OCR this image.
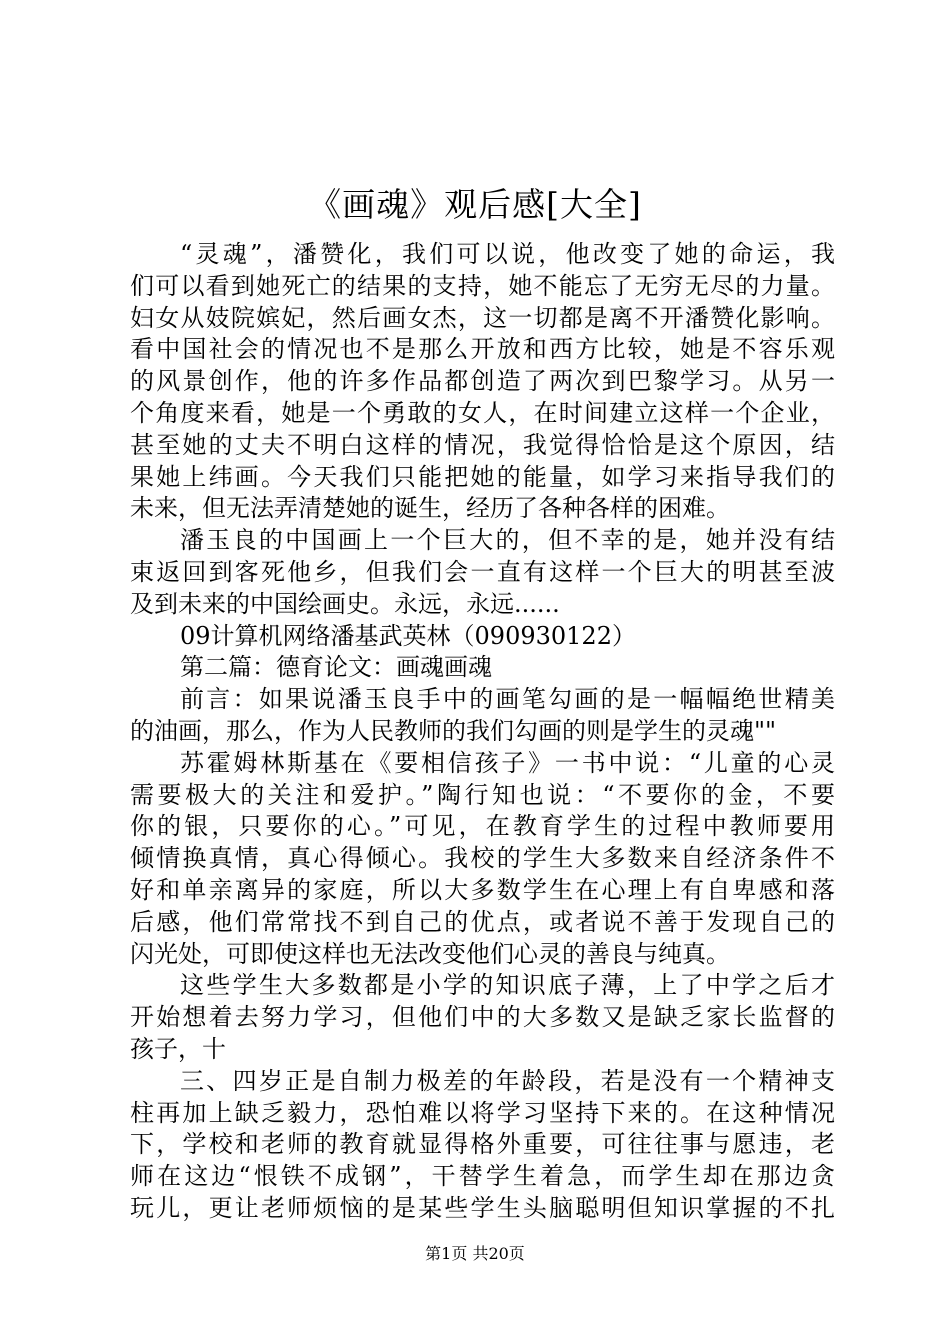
《画魂》观后感[大全]
“灵魂”，潘赞化，我们可以说，他改变了她的命运，我
们可以看到她死亡的结果的支持，她不能忘了无穷无尽的力量。
妇女从妓院嫔妃，然后画女杰，这一切都是离不开潘赞化影响。
看中国社会的情况也不是那么开放和西方比较，她是不容乐观
的风景创作，他的许多作品都创造了两次到巴黎学习。从另一
个角度来看，她是一个勇敢的女人，在时间建立这样一个企业，
甚至她的丈夫不明白这样的情况，我觉得恰恰是这个原因，结
果她上纬画。今天我们只能把她的能量，如学习来指导我们的
未来，但无法弄清楚她的诞生，经历了各种各样的困难。
潘玉良的中国画上一个巨大的，但不幸的是，她并没有结
束返回到客死他乡，但我们会一直有这样一个巨大的明甚至波
及到未来的中国绘画史。永远，永远......
09计算机网络潘基武英林（090930122）
第二篇：德育论文：画魂画魂
前言：如果说潘玉良手中的画笔勾画的是一幅幅绝世精美
的油画，那么，作为人民教师的我们勾画的则是学生的灵魂""
苏霍姆林斯基在《要相信孩子》一书中说：“儿童的心灵
需要极大的关注和爱护。”陶行知也说：“不要你的金，不要
你的银，只要你的心。”可见，在教育学生的过程中教师要用
倾情换真情，真心得倾心。我校的学生大多数来自经济条件不
好和单亲离异的家庭，所以大多数学生在心理上有自卑感和落
后感，他们常常找不到自己的优点，或者说不善于发现自己的
闪光处，可即使这样也无法改变他们心灵的善良与纯真。
这些学生大多数都是小学的知识底子薄，上了中学之后才
开始想着去努力学习，但他们中的大多数又是缺乏家长监督的
孩子，十
三、四岁正是自制力极差的年龄段，若是没有一个精神支
柱再加上缺乏毅力，恐怕难以将学习坚持下来的。在这种情况
下，学校和老师的教育就显得格外重要，可往往事与愿违，老
师在这边“恨铁不成钢”，干替学生着急，而学生却在那边贪
玩儿，更让老师烦恼的是某些学生头脑聪明但知识掌握的不扎
第1页 共20页
